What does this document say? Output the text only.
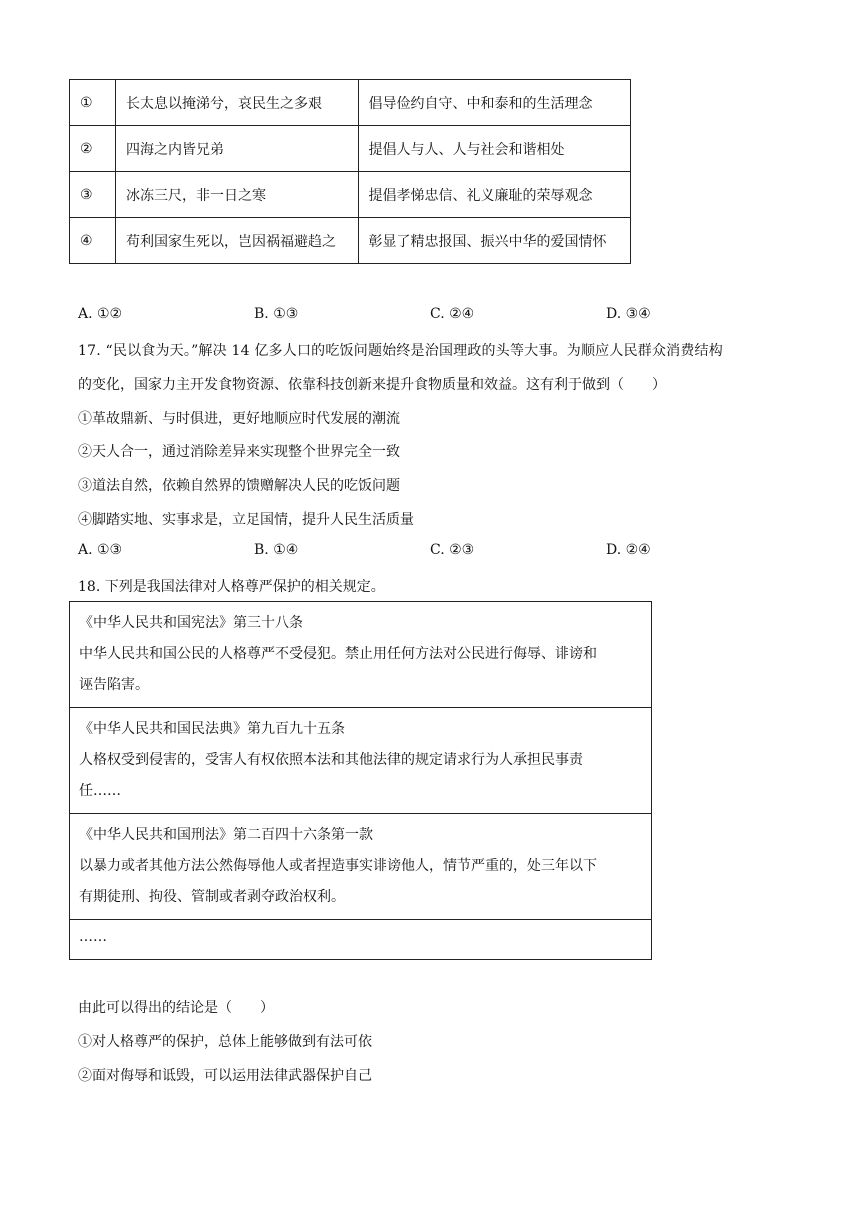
①	长太息以掩涕兮，哀民生之多艰	倡导俭约自守、中和泰和的生活理念
②	四海之内皆兄弟	提倡人与人、人与社会和谐相处
③	冰冻三尺，非一日之寒	提倡孝悌忠信、礼义廉耻的荣辱观念
④	苟利国家生死以，岂因祸福避趋之	彰显了精忠报国、振兴中华的爱国情怀
A. ①②	B. ①③	C. ②④	D. ③④
17. “民以食为天。”解决 14 亿多人口的吃饭问题始终是治国理政的头等大事。为顺应人民群众消费结构
的变化，国家力主开发食物资源、依靠科技创新来提升食物质量和效益。这有利于做到（　　）
①革故鼎新、与时俱进，更好地顺应时代发展的潮流
②天人合一，通过消除差异来实现整个世界完全一致
③道法自然，依赖自然界的馈赠解决人民的吃饭问题
④脚踏实地、实事求是，立足国情，提升人民生活质量
A. ①③	B. ①④	C. ②③	D. ②④
18. 下列是我国法律对人格尊严保护的相关规定。

《中华人民共和国宪法》第三十八条

中华人民共和国公民的人格尊严不受侵犯。禁止用任何方法对公民进行侮辱、诽谤和

诬告陷害。

《中华人民共和国民法典》第九百九十五条

人格权受到侵害的，受害人有权依照本法和其他法律的规定请求行为人承担民事责

任……

《中华人民共和国刑法》第二百四十六条第一款

以暴力或者其他方法公然侮辱他人或者捏造事实诽谤他人，情节严重的，处三年以下

有期徒刑、拘役、管制或者剥夺政治权利。

……

由此可以得出的结论是（　　）
①对人格尊严的保护，总体上能够做到有法可依
②面对侮辱和诋毁，可以运用法律武器保护自己
